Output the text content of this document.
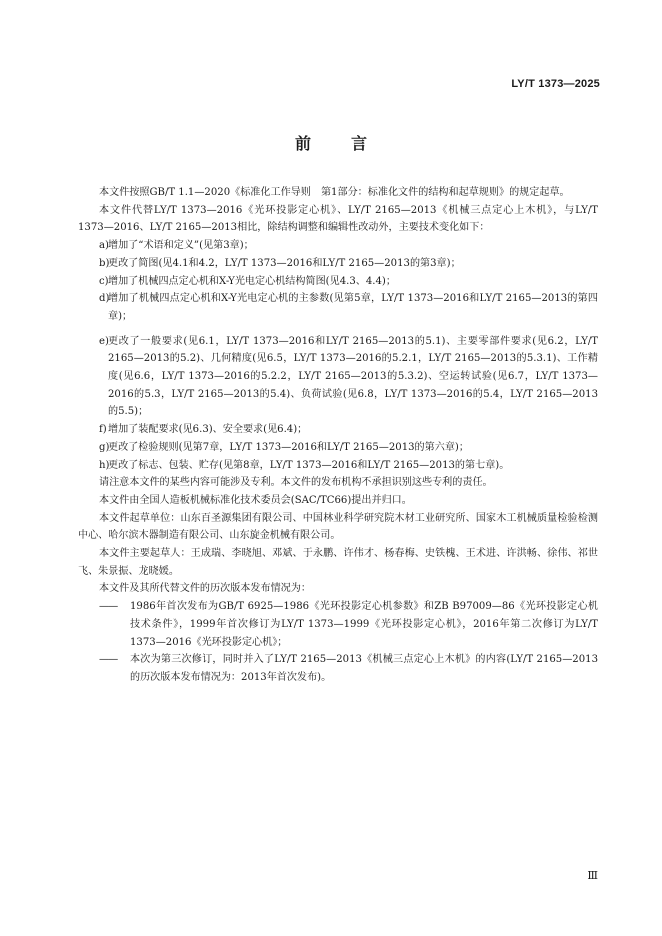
LY/T 1373—2025
前言

本文件按照GB/T 1.1—2020《标准化工作导则　第1部分：标准化文件的结构和起草规则》的规定起草。

本文件代替LY/T 1373—2016《光环投影定心机》、LY/T 2165—2013《机械三点定心上木机》，与LY/T 1373—2016、LY/T 2165—2013相比，除结构调整和编辑性改动外，主要技术变化如下：

a) 增加了“术语和定义”(见第3章)；

b)
更改了简图(见4.1和4.2，LY/T 1373—2016和LY/T 2165—2013的第3章)；

c) 增加了机械四点定心机和X-Y光电定心机结构简图(见4.3、4.4)；

d)
增加了机械四点定心机和X-Y光电定心机的主参数(见第5章，LY/T 1373—2016和LY/T 2165—2013的第四章)；

e) 更改了一般要求(见6.1，LY/T 1373—2016和LY/T 2165—2013的5.1)、主要零部件要求(见6.2，LY/T 2165—2013的5.2)、几何精度(见6.5，LY/T 1373—2016的5.2.1，LY/T 2165—2013的5.3.1)、工作精度(见6.6，LY/T 1373—2016的5.2.2，LY/T 2165—2013的5.3.2)、空运转试验(见6.7，LY/T 1373—2016的5.3，LY/T 2165—2013的5.4)、负荷试验(见6.8，LY/T 1373—2016的5.4，LY/T 2165—2013的5.5)；

f) 增加了装配要求(见6.3)、安全要求(见6.4)；

g)
更改了检验规则(见第7章，LY/T 1373—2016和LY/T 2165—2013的第六章)；

h)
更改了标志、包装、贮存(见第8章，LY/T 1373—2016和LY/T 2165—2013的第七章)。

请注意本文件的某些内容可能涉及专利。本文件的发布机构不承担识别这些专利的责任。

本文件由全国人造板机械标准化技术委员会(SAC/TC66)提出并归口。

本文件起草单位：山东百圣源集团有限公司、中国林业科学研究院木材工业研究所、国家木工机械质量检验检测中心、哈尔滨木器制造有限公司、山东旋金机械有限公司。

本文件主要起草人：王成瑞、李晓旭、邓斌、于永鹏、许伟才、杨春梅、史铁槐、王术进、许洪畅、徐伟、祁世飞、朱景振、龙晓媛。

本文件及其所代替文件的历次版本发布情况为：

—— 1986年首次发布为GB/T 6925—1986《光环投影定心机参数》和ZB B97009—86《光环投影定心机技术条件》，1999年首次修订为LY/T 1373—1999《光环投影定心机》，2016年第二次修订为LY/T 1373—2016《光环投影定心机》；

—— 本次为第三次修订，同时并入了LY/T 2165—2013《机械三点定心上木机》的内容(LY/T 2165—2013的历次版本发布情况为：2013年首次发布)。

Ⅲ
